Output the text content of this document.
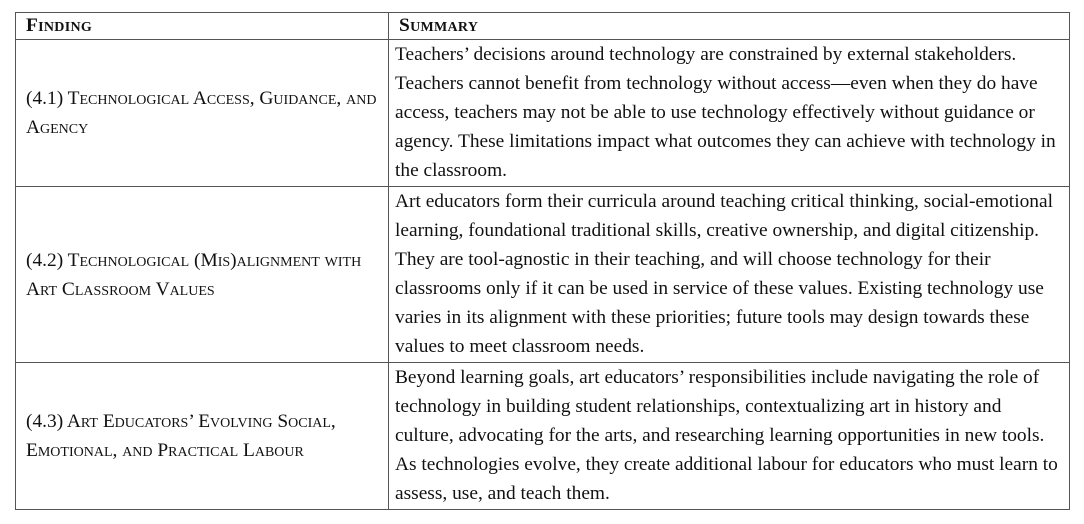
Finding	Summary
(4.1) Technological Access, Guidance, and Agency	Teachers’ decisions around technology are constrained by external stakeholders. Teachers cannot benefit from technology without access—even when they do have access, teachers may not be able to use technology effectively without guidance or agency. These limitations impact what outcomes they can achieve with technology in the classroom.
(4.2) Technological (Mis)alignment with Art Classroom Values	Art educators form their curricula around teaching critical thinking, social-emotional learning, foundational traditional skills, creative ownership, and digital citizenship. They are tool-agnostic in their teaching, and will choose technology for their classrooms only if it can be used in service of these values. Existing technology use varies in its alignment with these priorities; future tools may design towards these values to meet classroom needs.
(4.3) Art Educators’ Evolving Social, Emotional, and Practical Labour	Beyond learning goals, art educators’ responsibilities include navigating the role of technology in building student relationships, contextualizing art in history and culture, advocating for the arts, and researching learning opportunities in new tools. As technologies evolve, they create additional labour for educators who must learn to assess, use, and teach them.
